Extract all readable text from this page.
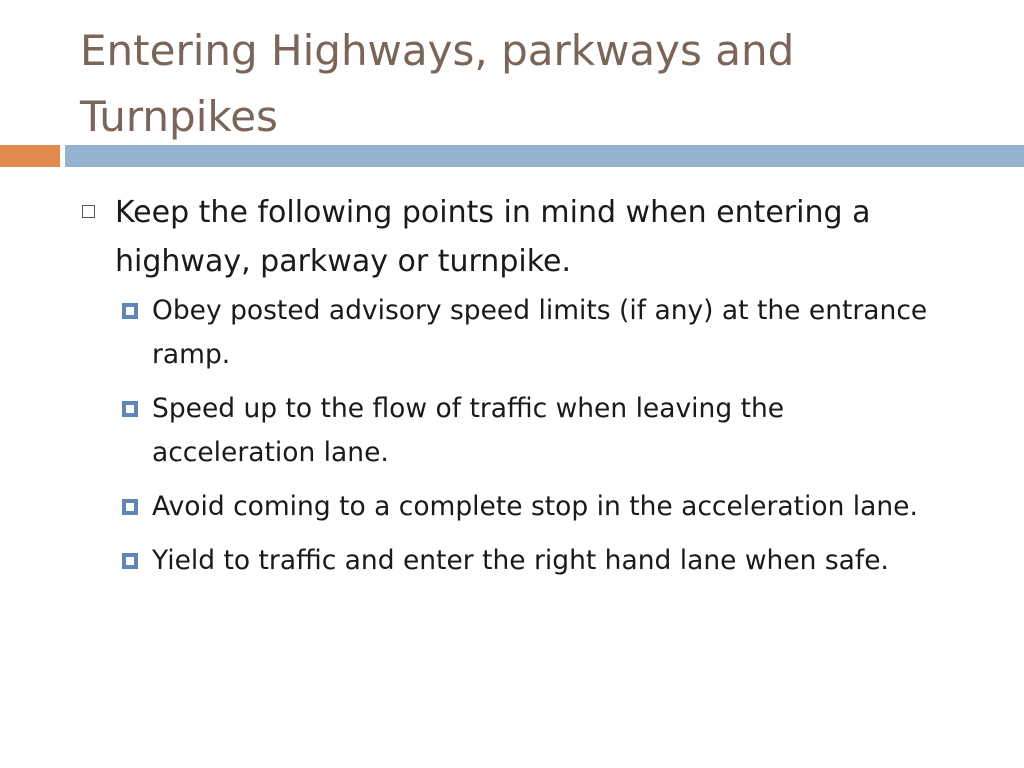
Entering Highways, parkways and Turnpikes
Keep the following points in mind when entering a highway, parkway or turnpike.
Obey posted advisory speed limits (if any) at the entrance ramp.
Speed up to the flow of traffic when leaving the acceleration lane.
Avoid coming to a complete stop in the acceleration lane.
Yield to traffic and enter the right hand lane when safe.
